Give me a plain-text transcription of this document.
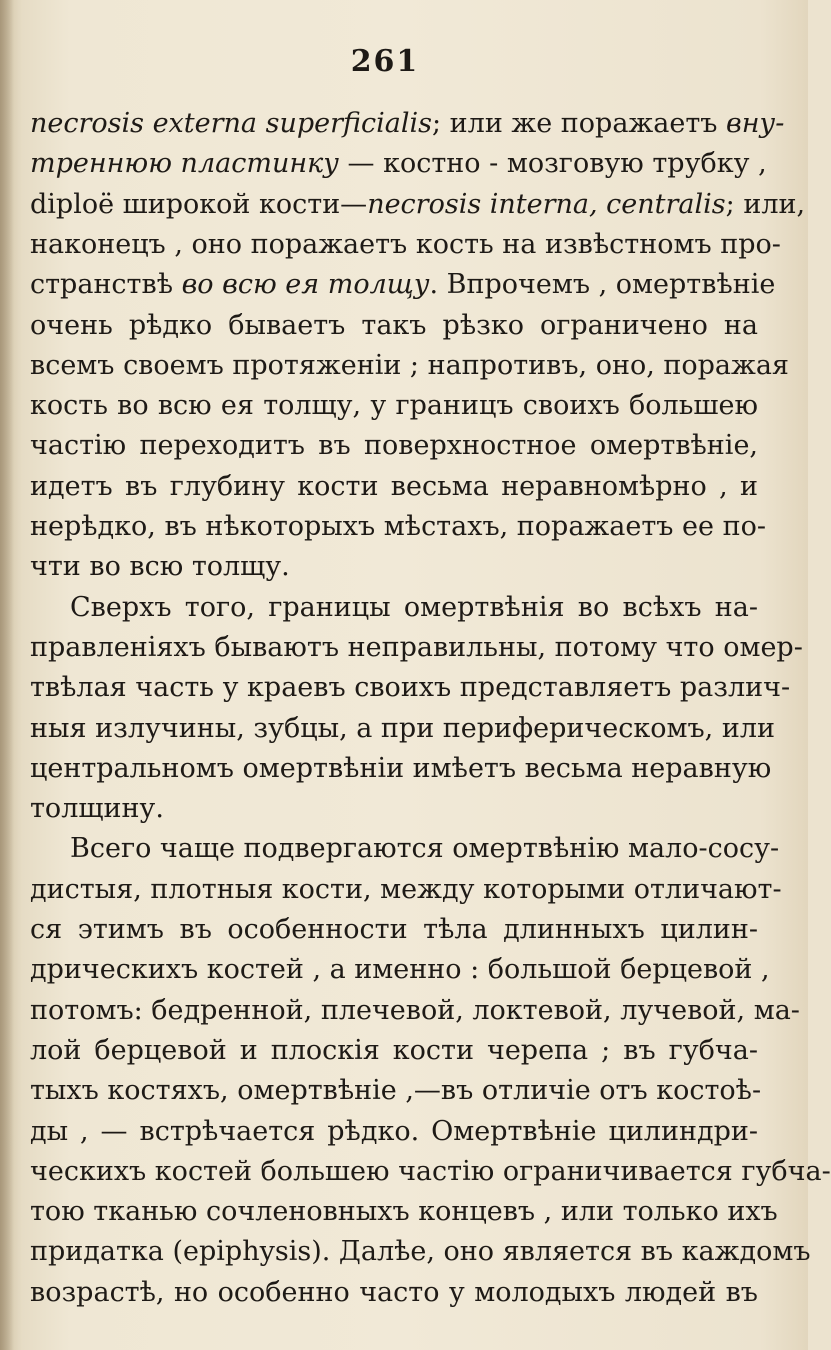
261
necrosis externa superficialis; или же поражаетъ вну-
треннюю пластинку — костно - мозговую трубку ,
diploë широкой кости—necrosis interna, centralis; или,
наконецъ , оно поражаетъ кость на извѣстномъ про-
странствѣ во всю ея толщу. Впрочемъ , омертвѣніе
очень рѣдко бываетъ такъ рѣзко ограничено на
всемъ своемъ протяженіи ; напротивъ, оно, поражая
кость во всю ея толщу, у границъ своихъ большею
частію переходитъ въ поверхностное омертвѣніе,
идетъ въ глубину кости весьма неравномѣрно , и
нерѣдко, въ нѣкоторыхъ мѣстахъ, поражаетъ ее по-
чти во всю толщу.
Сверхъ того, границы омертвѣнія во всѣхъ на-
правленіяхъ бываютъ неправильны, потому что омер-
твѣлая часть у краевъ своихъ представляетъ различ-
ныя излучины, зубцы, а при периферическомъ, или
центральномъ омертвѣніи имѣетъ весьма неравную
толщину.
Всего чаще подвергаются омертвѣнію мало-сосу-
дистыя, плотныя кости, между которыми отличают-
ся этимъ въ особенности тѣла длинныхъ цилин-
дрическихъ костей , а именно : большой берцевой ,
потомъ: бедренной, плечевой, локтевой, лучевой, ма-
лой берцевой и плоскія кости черепа ; въ губча-
тыхъ костяхъ, омертвѣніе ,—въ отличіе отъ костоѣ-
ды , — встрѣчается рѣдко. Омертвѣніе цилиндри-
ческихъ костей большею частію ограничивается губча-
тою тканью сочленовныхъ концевъ , или только ихъ
придатка (epiphysis). Далѣе, оно является въ каждомъ
возрастѣ, но особенно часто у молодыхъ людей въ
